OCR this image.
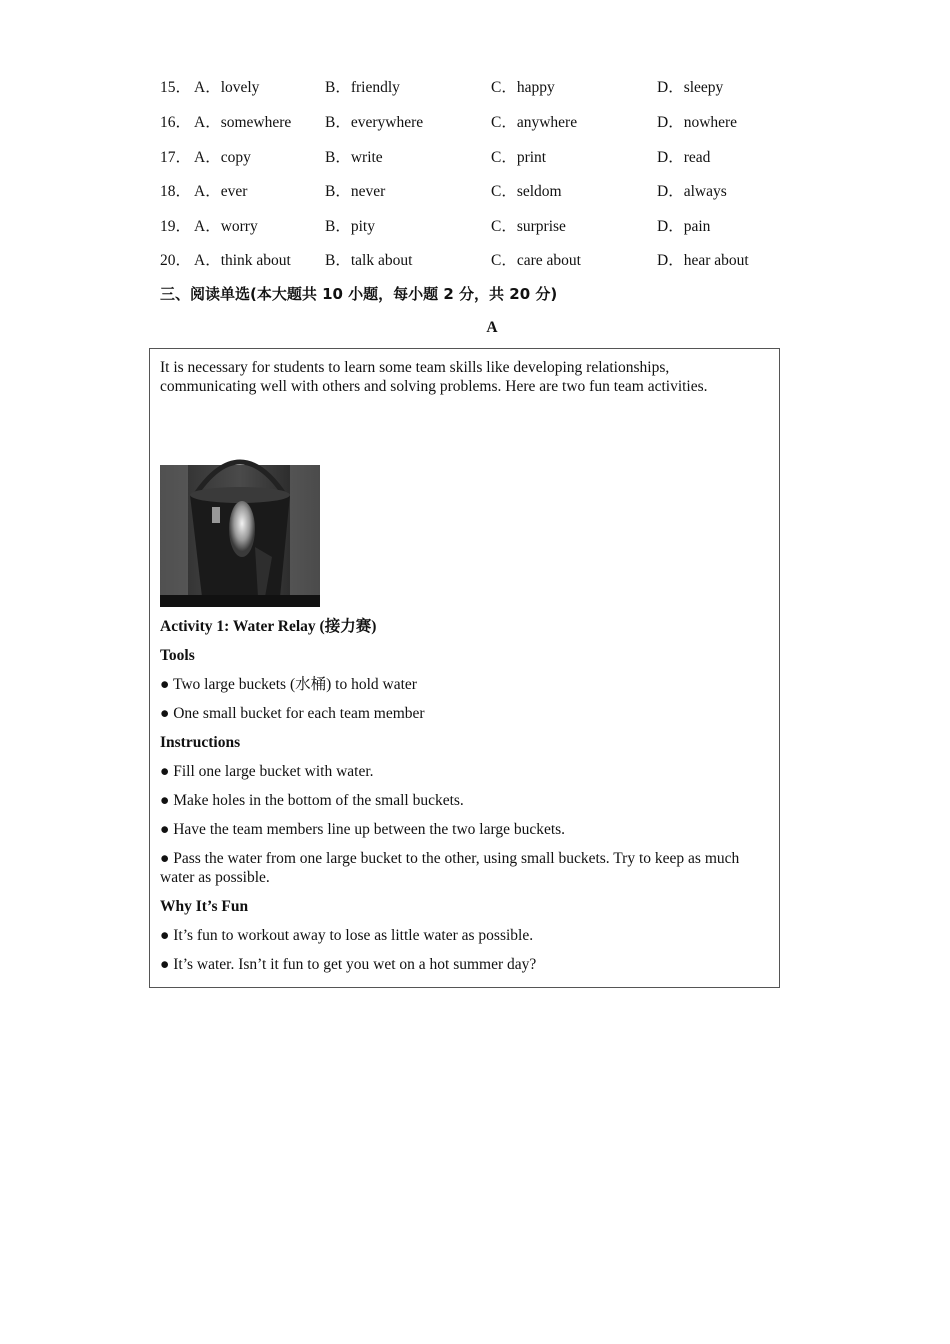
15． A．lovely	B．friendly	C．happy	D．sleepy
16． A．somewhere B．everywhere	C．anywhere	D．nowhere
17． A．copy	B．write	C．print	D．read
18． A．ever	B．never	C．seldom	D．always
19． A．worry	B．pity	C．surprise	D．pain
20． A．think about B．talk about	C．care about	D．hear about
三、阅读单选(本大题共 10 小题，每小题 2 分，共 20 分)
A
It is necessary for students to learn some team skills like developing relationships, communicating well with others and solving problems. Here are two fun team activities.
Activity 1: Water Relay (接力赛)
Tools
● Two large buckets (水桶) to hold water
● One small bucket for each team member
Instructions
● Fill one large bucket with water.
● Make holes in the bottom of the small buckets.
● Have the team members line up between the two large buckets.
● Pass the water from one large bucket to the other, using small buckets. Try to keep as much water as possible.
Why It’s Fun
● It’s fun to workout away to lose as little water as possible.
● It’s water. Isn’t it fun to get you wet on a hot summer day?
